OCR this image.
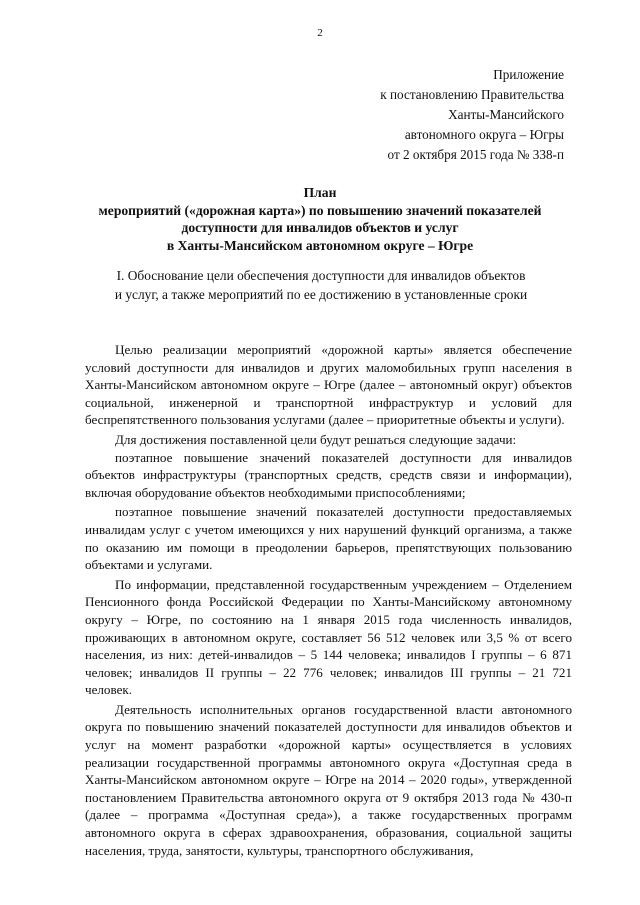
2
Приложение
к постановлению Правительства
Ханты-Мансийского
автономного округа – Югры
от 2 октября 2015 года № 338-п
План
мероприятий («дорожная карта») по повышению значений показателей
доступности для инвалидов объектов и услуг
в Ханты-Мансийском автономном округе – Югре
I. Обоснование цели обеспечения доступности для инвалидов объектов
и услуг, а также мероприятий по ее достижению в установленные сроки

Целью реализации мероприятий «дорожной карты» является обеспечение условий доступности для инвалидов и других маломобильных групп населения в Ханты-Мансийском автономном округе – Югре (далее – автономный округ) объектов социальной, инженерной и транспортной инфраструктур и условий для беспрепятственного пользования услугами (далее – приоритетные объекты и услуги).

Для достижения поставленной цели будут решаться следующие задачи:

поэтапное повышение значений показателей доступности для инвалидов объектов инфраструктуры (транспортных средств, средств связи и информации), включая оборудование объектов необходимыми приспособлениями;

поэтапное повышение значений показателей доступности предоставляемых инвалидам услуг с учетом имеющихся у них нарушений функций организма, а также по оказанию им помощи в преодолении барьеров, препятствующих пользованию объектами и услугами.

По информации, представленной государственным учреждением – Отделением Пенсионного фонда Российской Федерации по Ханты-Мансийскому автономному округу – Югре, по состоянию на 1 января 2015 года численность инвалидов, проживающих в автономном округе, составляет 56 512 человек или 3,5 % от всего населения, из них: детей-инвалидов – 5 144 человека; инвалидов I группы – 6 871 человек; инвалидов II группы – 22 776 человек; инвалидов III группы – 21 721 человек.

Деятельность исполнительных органов государственной власти автономного округа по повышению значений показателей доступности для инвалидов объектов и услуг на момент разработки «дорожной карты» осуществляется в условиях реализации государственной программы автономного округа «Доступная среда в Ханты-Мансийском автономном округе – Югре на 2014 – 2020 годы», утвержденной постановлением Правительства автономного округа от 9 октября 2013 года № 430-п (далее – программа «Доступная среда»), а также государственных программ автономного округа в сферах здравоохранения, образования, социальной защиты населения, труда, занятости, культуры, транспортного обслуживания,
